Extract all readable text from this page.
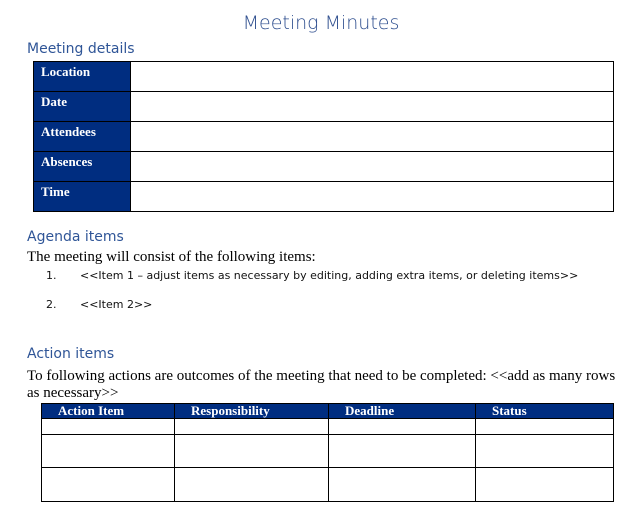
Meeting Minutes
Meeting details
Location	
Date	
Attendees	
Absences	
Time	
Agenda items
The meeting will consist of the following items:
1. <<Item 1 – adjust items as necessary by editing, adding extra items, or deleting items>>
2. <<Item 2>>
Action items
To following actions are outcomes of the meeting that need to be completed: <<add as many rows as necessary>>
Action Item	Responsibility	Deadline	Status
